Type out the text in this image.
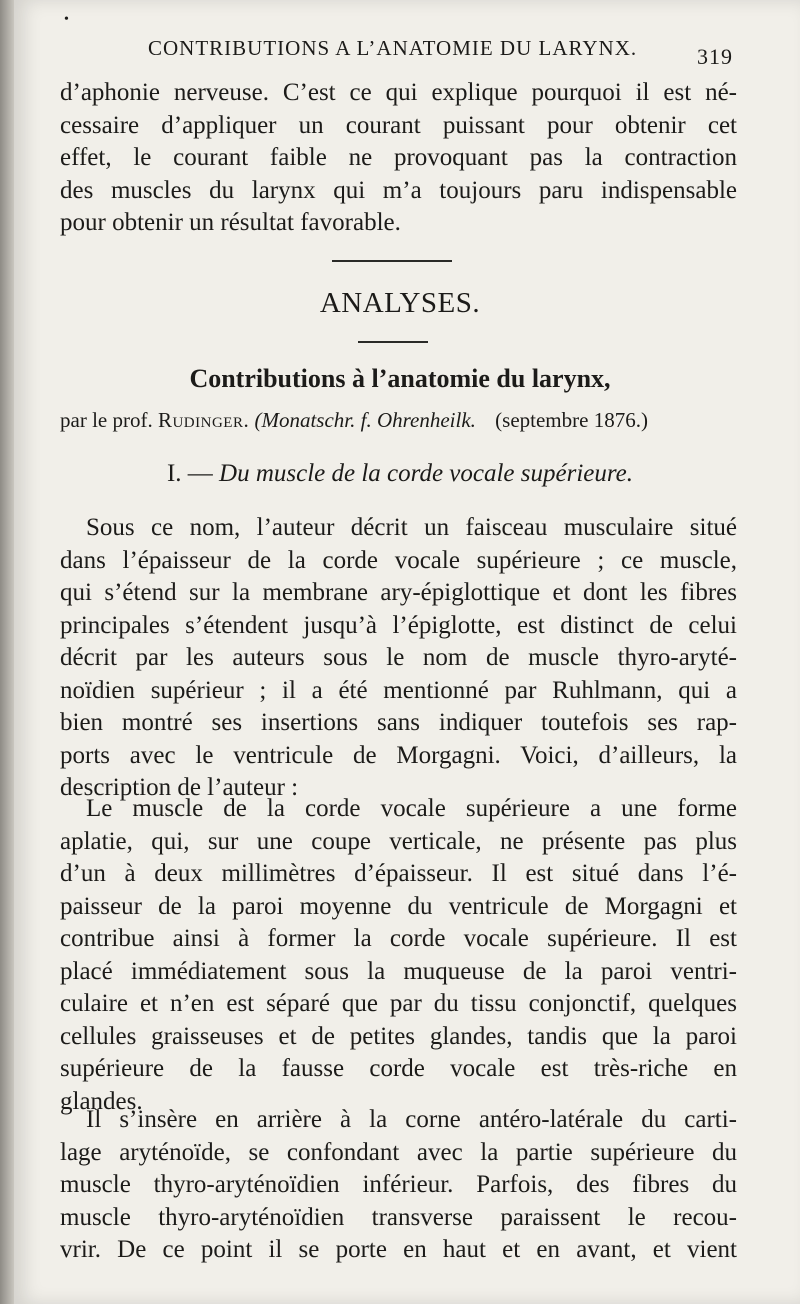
•
CONTRIBUTIONS A L’ANATOMIE DU LARYNX.	319
d’aphonie nerveuse. C’est ce qui explique pourquoi il est né-
cessaire d’appliquer un courant puissant pour obtenir cet
effet, le courant faible ne provoquant pas la contraction
des muscles du larynx qui m’a toujours paru indispensable
pour obtenir un résultat favorable.
ANALYSES.
Contributions à l’anatomie du larynx,
par le prof. Rudinger. (Monatschr. f. Ohrenheilk. (septembre 1876.)
I. — Du muscle de la corde vocale supérieure.
Sous ce nom, l’auteur décrit un faisceau musculaire situé
dans l’épaisseur de la corde vocale supérieure ; ce muscle,
qui s’étend sur la membrane ary-épiglottique et dont les fibres
principales s’étendent jusqu’à l’épiglotte, est distinct de celui
décrit par les auteurs sous le nom de muscle thyro-aryté-
noïdien supérieur ; il a été mentionné par Ruhlmann, qui a
bien montré ses insertions sans indiquer toutefois ses rap-
ports avec le ventricule de Morgagni. Voici, d’ailleurs, la
description de l’auteur :
Le muscle de la corde vocale supérieure a une forme
aplatie, qui, sur une coupe verticale, ne présente pas plus
d’un à deux millimètres d’épaisseur. Il est situé dans l’é-
paisseur de la paroi moyenne du ventricule de Morgagni et
contribue ainsi à former la corde vocale supérieure. Il est
placé immédiatement sous la muqueuse de la paroi ventri-
culaire et n’en est séparé que par du tissu conjonctif, quelques
cellules graisseuses et de petites glandes, tandis que la paroi
supérieure de la fausse corde vocale est très-riche en
glandes.
Il s’insère en arrière à la corne antéro-latérale du carti-
lage aryténoïde, se confondant avec la partie supérieure du
muscle thyro-aryténoïdien inférieur. Parfois, des fibres du
muscle thyro-aryténoïdien transverse paraissent le recou-
vrir. De ce point il se porte en haut et en avant, et vient
